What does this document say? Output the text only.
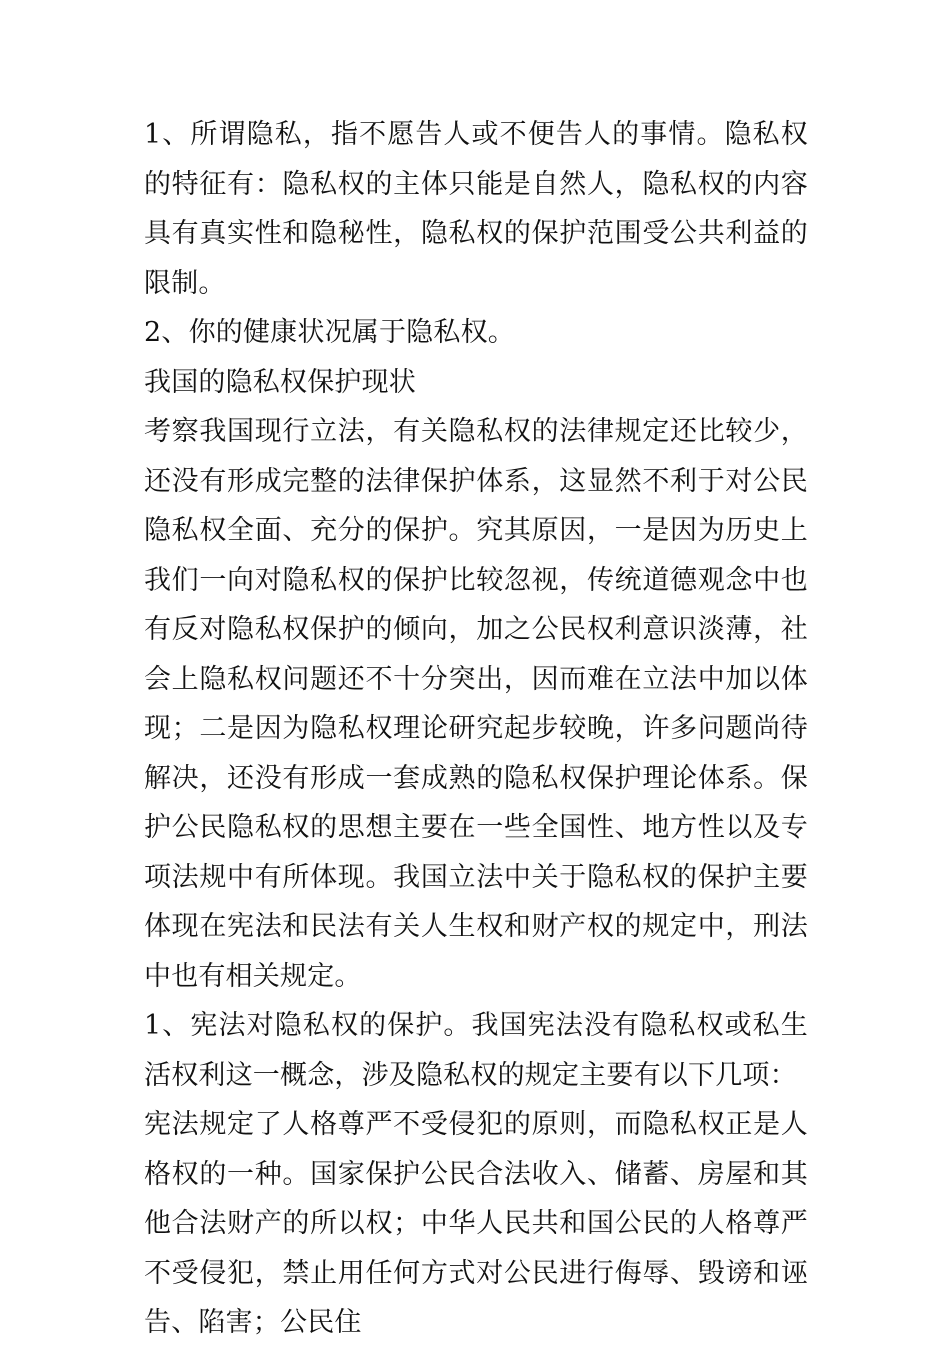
1、所谓隐私，指不愿告人或不便告人的事情。隐私权的特征有：隐私权的主体只能是自然人，隐私权的内容具有真实性和隐秘性，隐私权的保护范围受公共利益的限制。

2、你的健康状况属于隐私权。

我国的隐私权保护现状

考察我国现行立法，有关隐私权的法律规定还比较少，还没有形成完整的法律保护体系，这显然不利于对公民隐私权全面、充分的保护。究其原因，一是因为历史上我们一向对隐私权的保护比较忽视，传统道德观念中也有反对隐私权保护的倾向，加之公民权利意识淡薄，社会上隐私权问题还不十分突出，因而难在立法中加以体现；二是因为隐私权理论研究起步较晚，许多问题尚待解决，还没有形成一套成熟的隐私权保护理论体系。保护公民隐私权的思想主要在一些全国性、地方性以及专项法规中有所体现。我国立法中关于隐私权的保护主要体现在宪法和民法有关人生权和财产权的规定中，刑法中也有相关规定。

1、宪法对隐私权的保护。我国宪法没有隐私权或私生活权利这一概念，涉及隐私权的规定主要有以下几项：

宪法规定了人格尊严不受侵犯的原则，而隐私权正是人格权的一种。国家保护公民合法收入、储蓄、房屋和其他合法财产的所以权；中华人民共和国公民的人格尊严不受侵犯，禁止用任何方式对公民进行侮辱、毁谤和诬告、陷害；公民住
